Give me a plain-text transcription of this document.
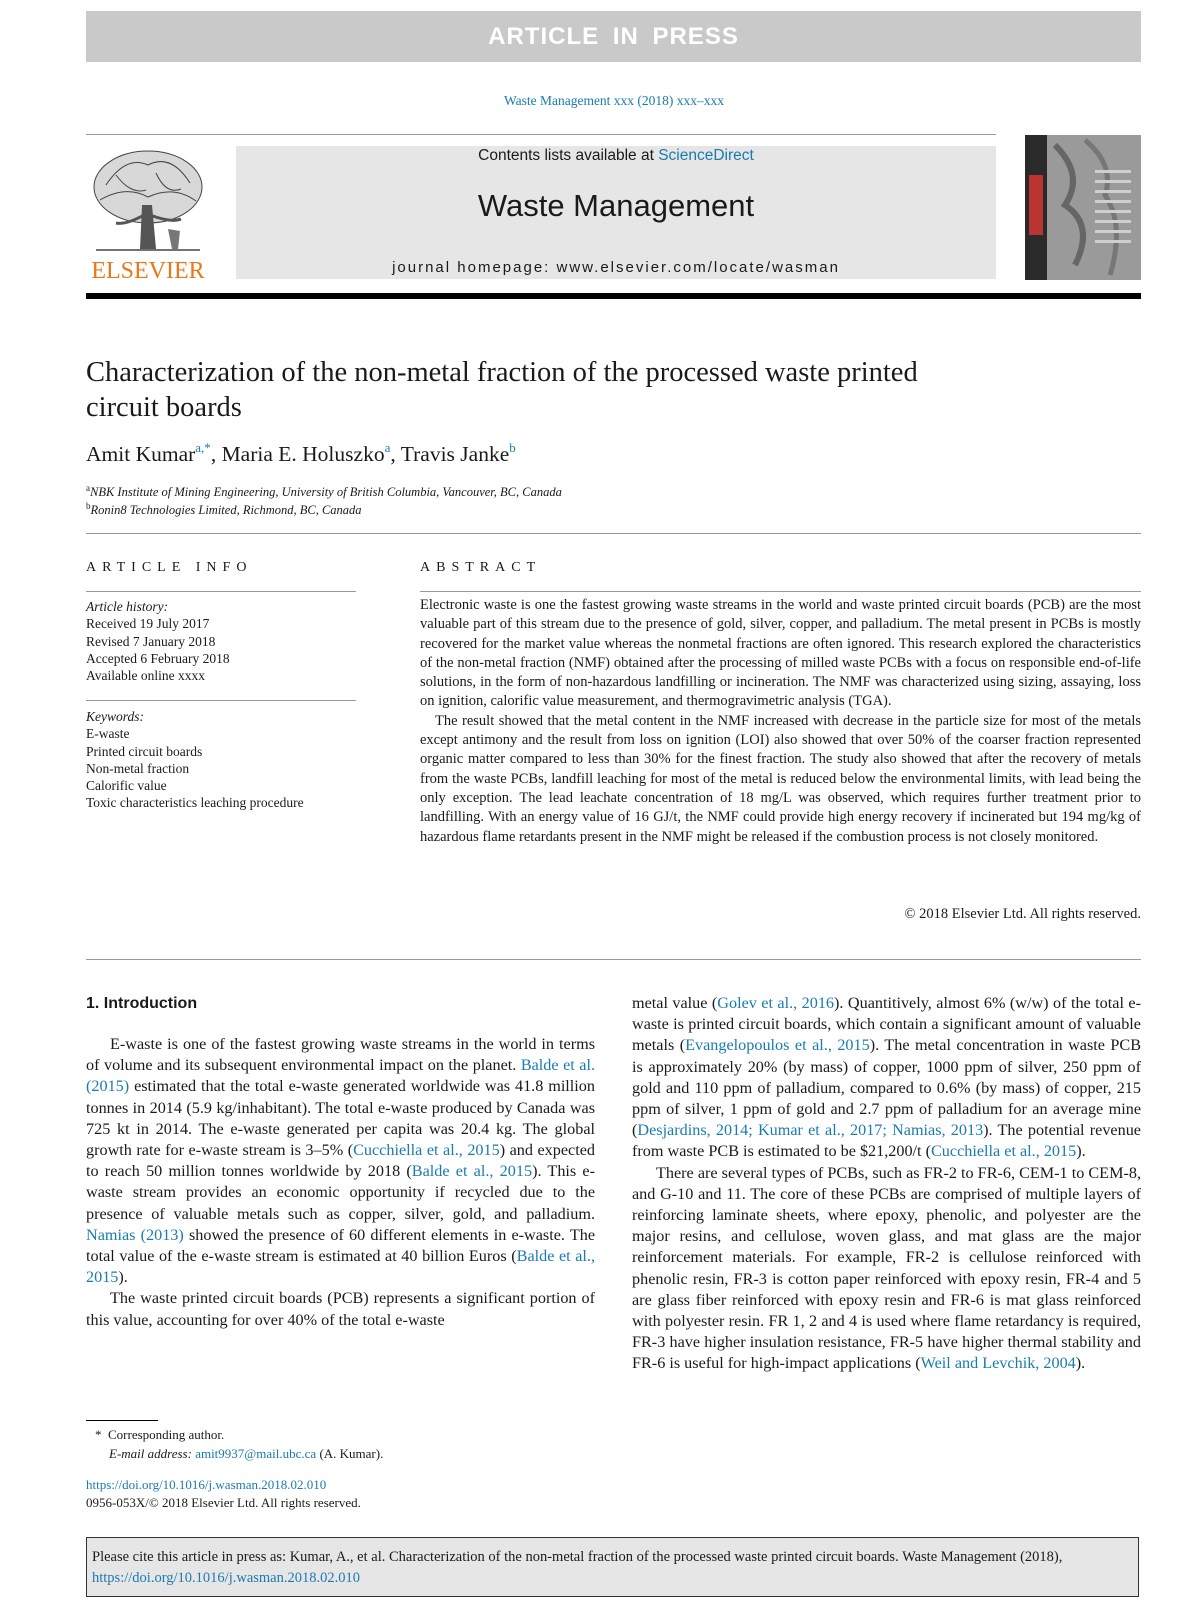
ARTICLE IN PRESS
Waste Management xxx (2018) xxx–xxx
ELSEVIER
Contents lists available at ScienceDirect
Waste Management
journal homepage: www.elsevier.com/locate/wasman
Characterization of the non-metal fraction of the processed waste printed circuit boards
Amit Kumar$^{a,*}$, Maria E. Holuszko$^a$, Travis Janke$^b$
$^a$NBK Institute of Mining Engineering, University of British Columbia, Vancouver, BC, Canada
$^b$Ronin8 Technologies Limited, Richmond, BC, Canada
ARTICLE INFO
Article history:
Received 19 July 2017
Revised 7 January 2018
Accepted 6 February 2018
Available online xxxx
Keywords:
E-waste
Printed circuit boards
Non-metal fraction
Calorific value
Toxic characteristics leaching procedure
ABSTRACT

Electronic waste is one the fastest growing waste streams in the world and waste printed circuit boards (PCB) are the most valuable part of this stream due to the presence of gold, silver, copper, and palladium. The metal present in PCBs is mostly recovered for the market value whereas the nonmetal fractions are often ignored. This research explored the characteristics of the non-metal fraction (NMF) obtained after the processing of milled waste PCBs with a focus on responsible end-of-life solutions, in the form of non-hazardous landfilling or incineration. The NMF was characterized using sizing, assaying, loss on ignition, calorific value measurement, and thermogravimetric analysis (TGA).

The result showed that the metal content in the NMF increased with decrease in the particle size for most of the metals except antimony and the result from loss on ignition (LOI) also showed that over 50% of the coarser fraction represented organic matter compared to less than 30% for the finest fraction. The study also showed that after the recovery of metals from the waste PCBs, landfill leaching for most of the metal is reduced below the environmental limits, with lead being the only exception. The lead leachate concentration of 18 mg/L was observed, which requires further treatment prior to landfilling. With an energy value of 16 GJ/t, the NMF could provide high energy recovery if incinerated but 194 mg/kg of hazardous flame retardants present in the NMF might be released if the combustion process is not closely monitored.

© 2018 Elsevier Ltd. All rights reserved.
1. Introduction

E-waste is one of the fastest growing waste streams in the world in terms of volume and its subsequent environmental impact on the planet. Balde et al. (2015) estimated that the total e-waste generated worldwide was 41.8 million tonnes in 2014 (5.9 kg/inhabitant). The total e-waste produced by Canada was 725 kt in 2014. The e-waste generated per capita was 20.4 kg. The global growth rate for e-waste stream is 3–5% (Cucchiella et al., 2015) and expected to reach 50 million tonnes worldwide by 2018 (Balde et al., 2015). This e-waste stream provides an economic opportunity if recycled due to the presence of valuable metals such as copper, silver, gold, and palladium. Namias (2013) showed the presence of 60 different elements in e-waste. The total value of the e-waste stream is estimated at 40 billion Euros (Balde et al., 2015).

The waste printed circuit boards (PCB) represents a significant portion of this value, accounting for over 40% of the total e-waste

metal value (Golev et al., 2016). Quantitively, almost 6% (w/w) of the total e-waste is printed circuit boards, which contain a significant amount of valuable metals (Evangelopoulos et al., 2015). The metal concentration in waste PCB is approximately 20% (by mass) of copper, 1000 ppm of silver, 250 ppm of gold and 110 ppm of palladium, compared to 0.6% (by mass) of copper, 215 ppm of silver, 1 ppm of gold and 2.7 ppm of palladium for an average mine (Desjardins, 2014; Kumar et al., 2017; Namias, 2013). The potential revenue from waste PCB is estimated to be $21,200/t (Cucchiella et al., 2015).

There are several types of PCBs, such as FR-2 to FR-6, CEM-1 to CEM-8, and G-10 and 11. The core of these PCBs are comprised of multiple layers of reinforcing laminate sheets, where epoxy, phenolic, and polyester are the major resins, and cellulose, woven glass, and mat glass are the major reinforcement materials. For example, FR-2 is cellulose reinforced with phenolic resin, FR-3 is cotton paper reinforced with epoxy resin, FR-4 and 5 are glass fiber reinforced with epoxy resin and FR-6 is mat glass reinforced with polyester resin. FR 1, 2 and 4 is used where flame retardancy is required, FR-3 have higher insulation resistance, FR-5 have higher thermal stability and FR-6 is useful for high-impact applications (Weil and Levchik, 2004).

* Corresponding author.
E-mail address: amit9937@mail.ubc.ca (A. Kumar).
https://doi.org/10.1016/j.wasman.2018.02.010
0956-053X/© 2018 Elsevier Ltd. All rights reserved.
Please cite this article in press as: Kumar, A., et al. Characterization of the non-metal fraction of the processed waste printed circuit boards. Waste Management (2018), https://doi.org/10.1016/j.wasman.2018.02.010
